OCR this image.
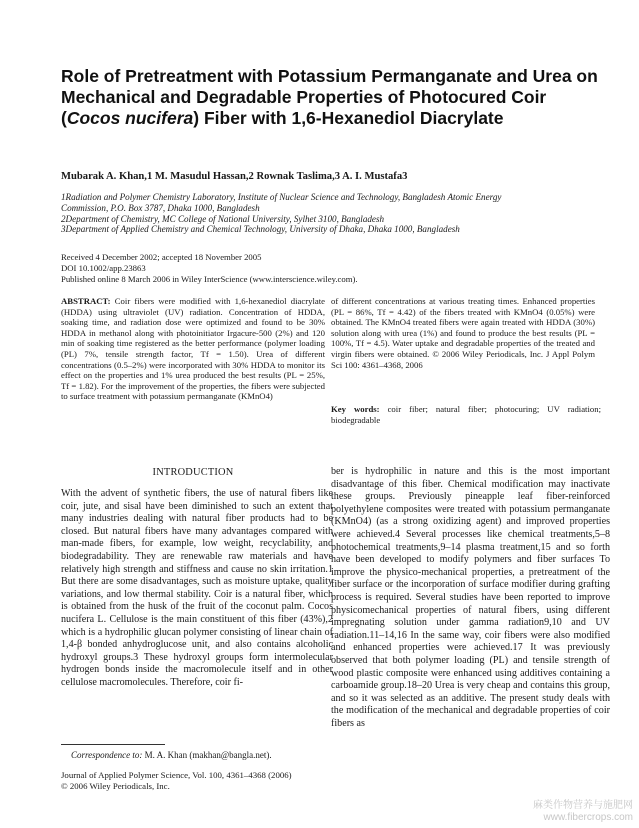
Role of Pretreatment with Potassium Permanganate and Urea on Mechanical and Degradable Properties of Photocured Coir (Cocos nucifera) Fiber with 1,6-Hexanediol Diacrylate
Mubarak A. Khan,1 M. Masudul Hassan,2 Rownak Taslima,3 A. I. Mustafa3
1Radiation and Polymer Chemistry Laboratory, Institute of Nuclear Science and Technology, Bangladesh Atomic Energy
Commission, P.O. Box 3787, Dhaka 1000, Bangladesh
2Department of Chemistry, MC College of National University, Sylhet 3100, Bangladesh
3Department of Applied Chemistry and Chemical Technology, University of Dhaka, Dhaka 1000, Bangladesh
Received 4 December 2002; accepted 18 November 2005
DOI 10.1002/app.23863
Published online 8 March 2006 in Wiley InterScience (www.interscience.wiley.com).
ABSTRACT: Coir fibers were modified with 1,6-hexanediol diacrylate (HDDA) using ultraviolet (UV) radiation. Concentration of HDDA, soaking time, and radiation dose were optimized and found to be 30% HDDA in methanol along with photoinitiator Irgacure-500 (2%) and 120 min of soaking time registered as the better performance (polymer loading (PL) 7%, tensile strength factor, Tf = 1.50). Urea of different concentrations (0.5–2%) were incorporated with 30% HDDA to monitor its effect on the properties and 1% urea produced the best results (PL = 25%, Tf = 1.82). For the improvement of the properties, the fibers were subjected to surface treatment with potassium permanganate (KMnO4)
of different concentrations at various treating times. Enhanced properties (PL = 86%, Tf = 4.42) of the fibers treated with KMnO4 (0.05%) were obtained. The KMnO4 treated fibers were again treated with HDDA (30%) solution along with urea (1%) and found to produce the best results (PL = 100%, Tf = 4.5). Water uptake and degradable properties of the treated and virgin fibers were obtained. © 2006 Wiley Periodicals, Inc. J Appl Polym Sci 100: 4361–4368, 2006
Key words: coir fiber; natural fiber; photocuring; UV radiation; biodegradable
INTRODUCTION

With the advent of synthetic fibers, the use of natural fibers like coir, jute, and sisal have been diminished to such an extent that many industries dealing with natural fiber products had to be closed. But natural fibers have many advantages compared with man-made fibers, for example, low weight, recyclability, and biodegradability. They are renewable raw materials and have relatively high strength and stiffness and cause no skin irritation.1 But there are some disadvantages, such as moisture uptake, quality variations, and low thermal stability. Coir is a natural fiber, which is obtained from the husk of the fruit of the coconut palm. Cocos nucifera L. Cellulose is the main constituent of this fiber (43%),2 which is a hydrophilic glucan polymer consisting of linear chain of 1,4-β bonded anhydroglucose unit, and also contains alcoholic hydroxyl groups.3 These hydroxyl groups form intermolecular hydrogen bonds inside the macromolecule itself and in other cellulose macromolecules. Therefore, coir fi-

ber is hydrophilic in nature and this is the most important disadvantage of this fiber. Chemical modification may inactivate these groups. Previously pineapple leaf fiber-reinforced polyethylene composites were treated with potassium permanganate (KMnO4) (as a strong oxidizing agent) and improved properties were achieved.4 Several processes like chemical treatments,5–8 photochemical treatments,9–14 plasma treatment,15 and so forth have been developed to modify polymers and fiber surfaces To improve the physico-mechanical properties, a pretreatment of the fiber surface or the incorporation of surface modifier during grafting process is required. Several studies have been reported to improve physicomechanical properties of natural fibers, using different impregnating solution under gamma radiation9,10 and UV radiation.11–14,16 In the same way, coir fibers were also modified and enhanced properties were achieved.17 It was previously observed that both polymer loading (PL) and tensile strength of wood plastic composite were enhanced using additives containing a carboamide group.18–20 Urea is very cheap and contains this group, and so it was selected as an additive. The present study deals with the modification of the mechanical and degradable properties of coir fibers as

Correspondence to: M. A. Khan (makhan@bangla.net).
Journal of Applied Polymer Science, Vol. 100, 4361–4368 (2006)
© 2006 Wiley Periodicals, Inc.
麻类作物营养与施肥网
www.fibercrops.com
